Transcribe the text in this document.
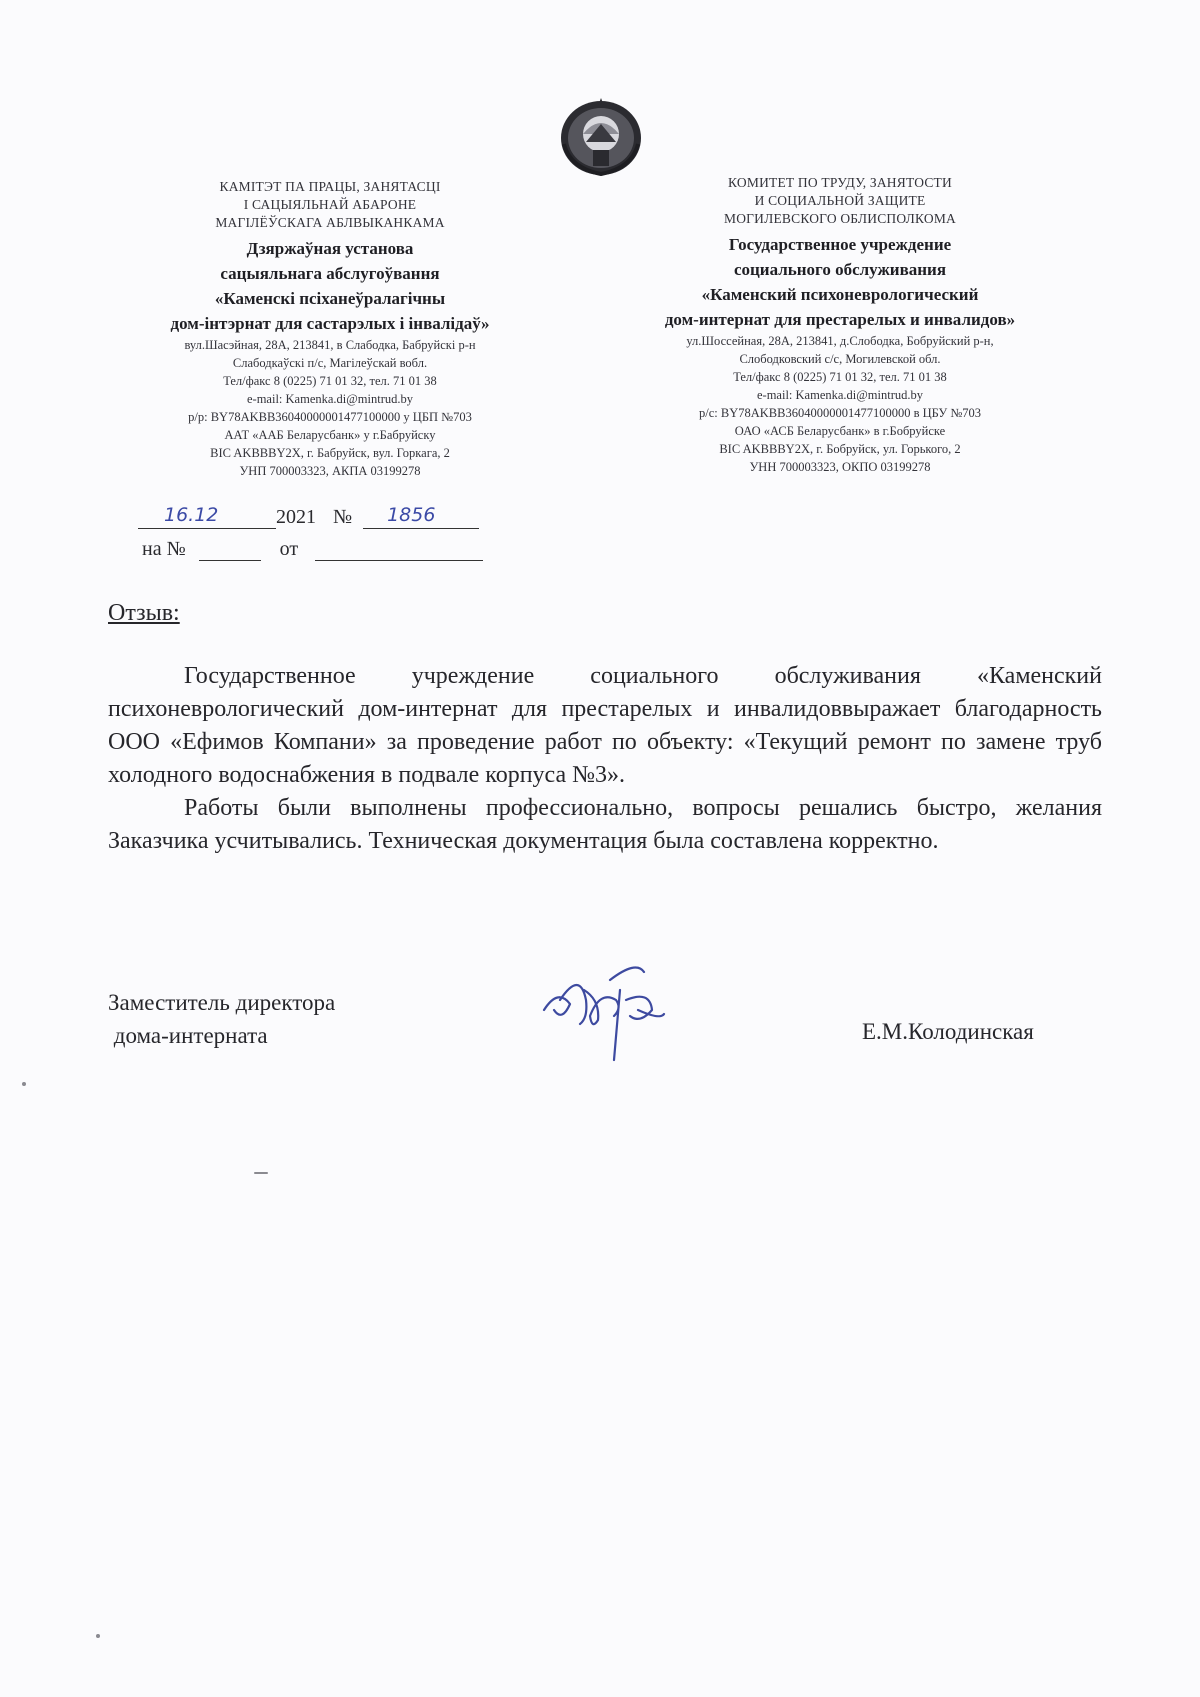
КАМІТЭТ ПА ПРАЦЫ, ЗАНЯТАСЦІ
І САЦЫЯЛЬНАЙ АБАРОНЕ
МАГІЛЁЎСКАГА АБЛВЫКАНКАМА
Дзяржаўная установа
сацыяльнага абслугоўвання
«Каменскі псіханеўралагічны
дом-інтэрнат для састарэлых і інвалідаў»
вул.Шасэйная, 28А, 213841, в Слабодка, Бабруйскі р-н
Слабодкаўскі п/с, Магілеўскай вобл.
Тел/факс 8 (0225) 71 01 32, тел. 71 01 38
e-mail: Kamenka.di@mintrud.by
р/р: BY78AKBB36040000001477100000 у ЦБП №703
ААТ «ААБ Беларусбанк» у г.Бабруйску
BIC AKBBBY2X, г. Бабруйск, вул. Горкага, 2
УНП 700003323, АКПА 03199278
КОМИТЕТ ПО ТРУДУ, ЗАНЯТОСТИ
И СОЦИАЛЬНОЙ ЗАЩИТЕ
МОГИЛЕВСКОГО ОБЛИСПОЛКОМА
Государственное учреждение
социального обслуживания
«Каменский психоневрологический
дом-интернат для престарелых и инвалидов»
ул.Шоссейная, 28А, 213841, д.Слободка, Бобруйский р-н,
Слободковский с/с, Могилевской обл.
Тел/факс 8 (0225) 71 01 32, тел. 71 01 38
e-mail: Kamenka.di@mintrud.by
р/с: BY78AKBB36040000001477100000 в ЦБУ №703
ОАО «АСБ Беларусбанк» в г.Бобруйске
BIC AKBBBY2X, г. Бобруйск, ул. Горького, 2
УНН 700003323, ОКПО 03199278
16.12	2021 № 1856
на №	от
Отзыв:

Государственное учреждение социального обслуживания «Каменский психоневрологический дом-интернат для престарелых и инвалидоввыражает благодарность ООО «Ефимов Компани» за проведение работ по объекту: «Текущий ремонт по замене труб холодного водоснабжения в подвале корпуса №3».

Работы были выполнены профессионально, вопросы решались быстро, желания Заказчика усчитывались. Техническая документация была составлена корректно.

Заместитель директора
дома-интерната	Е.М.Колодинская
